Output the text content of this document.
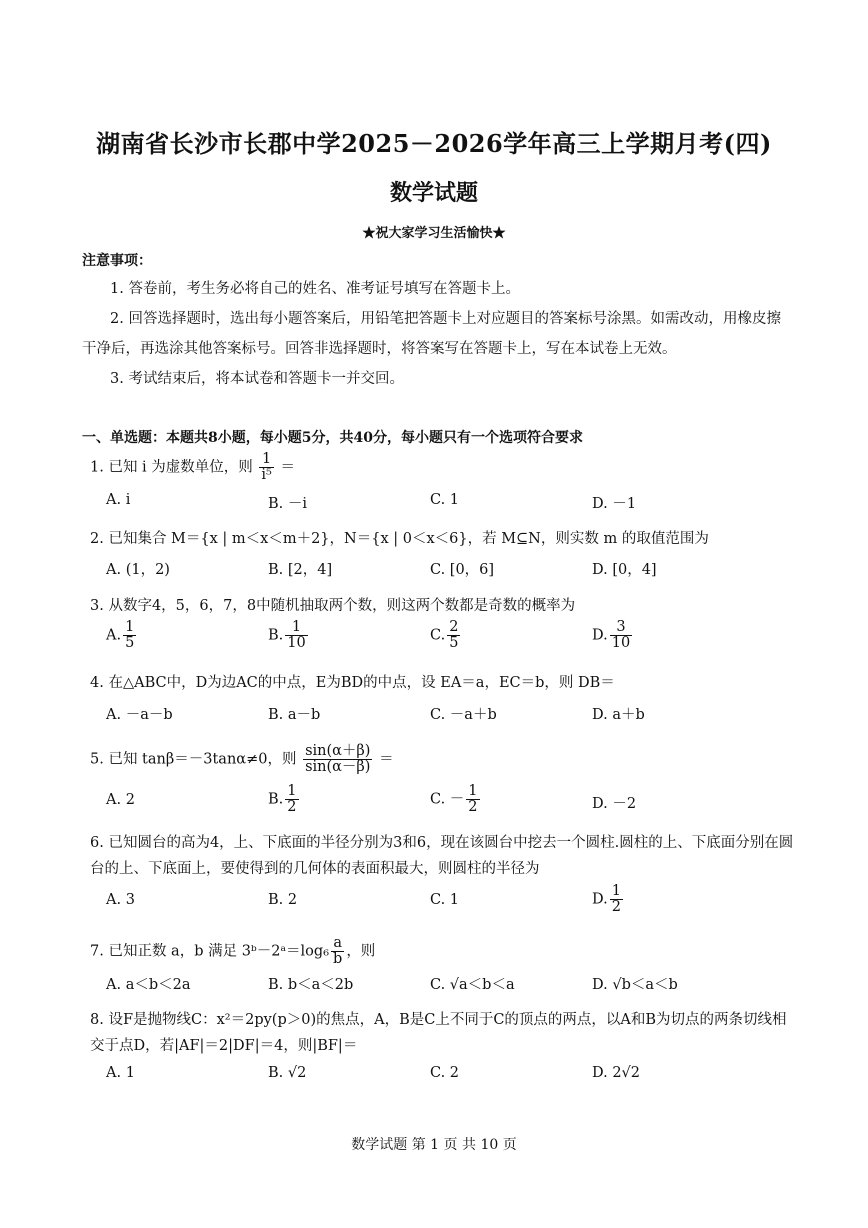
湖南省长沙市长郡中学2025－2026学年高三上学期月考(四)
数学试题
★祝大家学习生活愉快★
注意事项：
1. 答卷前，考生务必将自己的姓名、准考证号填写在答题卡上。
2. 回答选择题时，选出每小题答案后，用铅笔把答题卡上对应题目的答案标号涂黑。如需改动，用橡皮擦干净后，再选涂其他答案标号。回答非选择题时，将答案写在答题卡上，写在本试卷上无效。
3. 考试结束后，将本试卷和答题卡一并交回。
一、单选题：本题共8小题，每小题5分，共40分，每小题只有一个选项符合要求
1. 已知 i 为虚数单位，则 $\frac{1}{\text{i⁵}}$ ＝
A. i	B. －i	C. 1	D. －1
2. 已知集合 M＝{x | m＜x＜m＋2}，N＝{x | 0＜x＜6}，若 M⊆N，则实数 m 的取值范围为
A. (1，2)	B. [2，4]	C. [0，6]	D. [0，4]
3. 从数字4，5，6，7，8中随机抽取两个数，则这两个数都是奇数的概率为
A. $\frac{1}{5}$	B. $\frac{1}{10}$	C. $\frac{2}{5}$	D. $\frac{3}{10}$
4. 在△ABC中，D为边AC的中点，E为BD的中点，设 EA＝a，EC＝b，则 DB＝
A. －a－b	B. a－b	C. －a＋b	D. a＋b
5. 已知 tanβ＝－3tanα≠0，则 $\frac{\sin(\alpha+\beta)}{\sin(\alpha-\beta)}$ ＝
A. 2	B. $\frac{1}{2}$	C. － $\frac{1}{2}$	D. －2
6. 已知圆台的高为4，上、下底面的半径分别为3和6，现在该圆台中挖去一个圆柱.圆柱的上、下底面分别在圆台的上、下底面上，要使得到的几何体的表面积最大，则圆柱的半径为
A. 3	B. 2	C. 1	D. $\frac{1}{2}$
7. 已知正数 a，b 满足 3ᵇ－2ᵃ＝log₆ $\frac{a}{b}$ ，则
A. a＜b＜2a	B. b＜a＜2b	C. √a＜b＜a	D. √b＜a＜b
8. 设F是抛物线C：x²＝2py(p＞0)的焦点，A，B是C上不同于C的顶点的两点，以A和B为切点的两条切线相交于点D，若|AF|＝2|DF|＝4，则|BF|＝
A. 1	B. √2	C. 2	D. 2√2
数学试题 第 1 页 共 10 页
